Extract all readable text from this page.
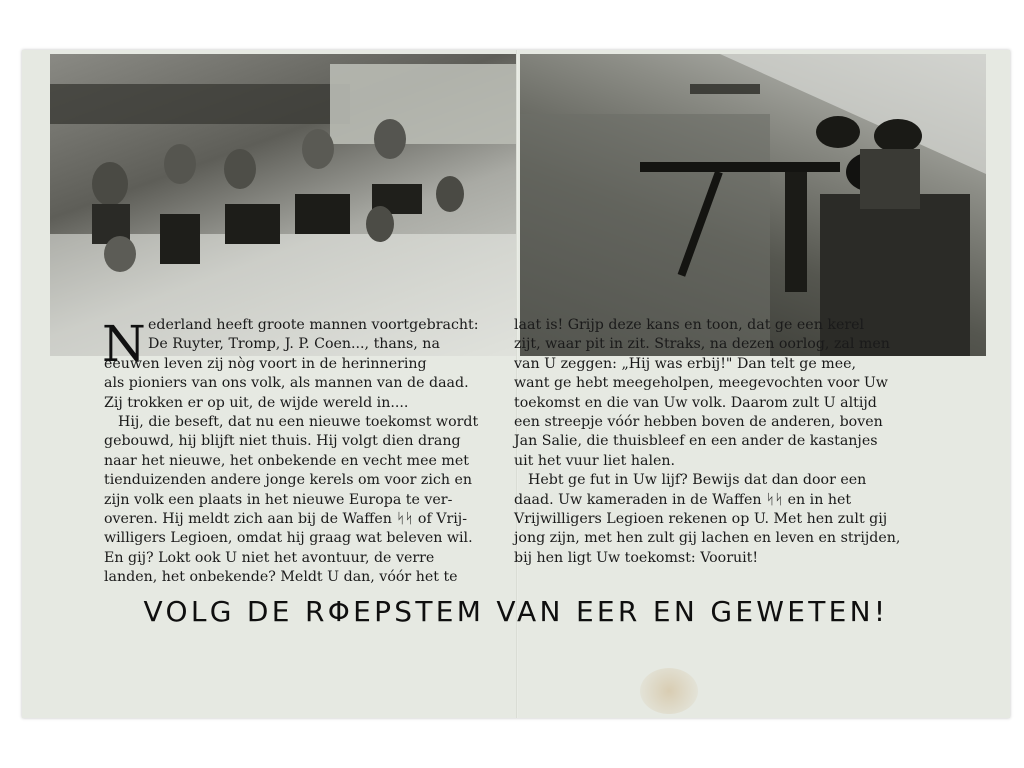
N ederland heeft groote mannen voortgebracht:
De Ruyter, Tromp, J. P. Coen..., thans, na
eeuwen leven zij nòg voort in de herinnering
als pioniers van ons volk, als mannen van de daad.
Zij trokken er op uit, de wijde wereld in....
Hij, die beseft, dat nu een nieuwe toekomst wordt
gebouwd, hij blijft niet thuis. Hij volgt dien drang
naar het nieuwe, het onbekende en vecht mee met
tienduizenden andere jonge kerels om voor zich en
zijn volk een plaats in het nieuwe Europa te ver-
overen. Hij meldt zich aan bij de Waffen ᛋᛋ of Vrij-
willigers Legioen, omdat hij graag wat beleven wil.
En gij? Lokt ook U niet het avontuur, de verre
landen, het onbekende? Meldt U dan, vóór het te
laat is! Grijp deze kans en toon, dat ge een kerel
zijt, waar pit in zit. Straks, na dezen oorlog, zal men
van U zeggen: „Hij was erbij!" Dan telt ge mee,
want ge hebt meegeholpen, meegevochten voor Uw
toekomst en die van Uw volk. Daarom zult U altijd
een streepje vóór hebben boven de anderen, boven
Jan Salie, die thuisbleef en een ander de kastanjes
uit het vuur liet halen.
Hebt ge fut in Uw lijf? Bewijs dat dan door een
daad. Uw kameraden in de Waffen ᛋᛋ en in het
Vrijwilligers Legioen rekenen op U. Met hen zult gij
jong zijn, met hen zult gij lachen en leven en strijden,
bij hen ligt Uw toekomst: Vooruit!
VOLG DE RΦEPSTEM VAN EER EN GEWETEN!
